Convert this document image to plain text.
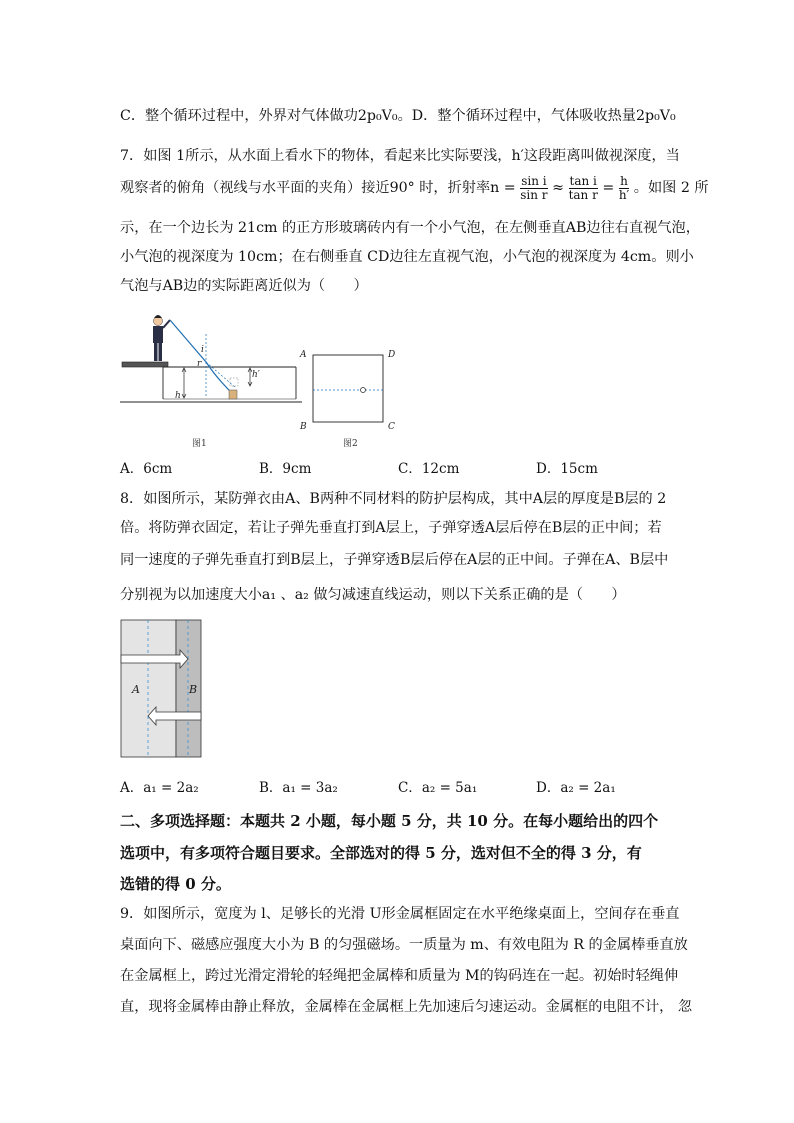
C．整个循环过程中，外界对气体做功2p₀V₀。D．整个循环过程中，气体吸收热量2p₀V₀
7．如图 1所示，从水面上看水下的物体，看起来比实际要浅，h′这段距离叫做视深度，当
观察者的俯角（视线与水平面的夹角）接近90° 时，折射率$n = \frac{\text{sin i}}{\text{sin r}} \approx \frac{\text{tan i}}{\text{tan r}} = \frac{h}{h'}$ 。如图 2 所
示，在一个边长为 21cm 的正方形玻璃砖内有一个小气泡，在左侧垂直AB边往右直视气泡，
小气泡的视深度为 10cm；在右侧垂直 CD边往左直视气泡，小气泡的视深度为 4cm。则小
气泡与AB边的实际距离近似为（　　）
i
r
h
h′
图1
A	D
B	C
图2
A．6cm	B．9cm	C．12cm	D．15cm
8．如图所示，某防弹衣由A、B两种不同材料的防护层构成，其中A层的厚度是B层的 2
倍。将防弹衣固定，若让子弹先垂直打到A层上，子弹穿透A层后停在B层的正中间；若
同一速度的子弹先垂直打到B层上，子弹穿透B层后停在A层的正中间。子弹在A、B层中
分别视为以加速度大小a₁ 、a₂ 做匀减速直线运动，则以下关系正确的是（　　）
A	B
A．a₁ = 2a₂	B．a₁ = 3a₂	C．a₂ = 5a₁	D．a₂ = 2a₁
二、多项选择题：本题共 2 小题，每小题 5 分，共 10 分。在每小题给出的四个
选项中，有多项符合题目要求。全部选对的得 5 分，选对但不全的得 3 分，有
选错的得 0 分。
9．如图所示，宽度为 l、足够长的光滑 U形金属框固定在水平绝缘桌面上，空间存在垂直
桌面向下、磁感应强度大小为 B 的匀强磁场。一质量为 m、有效电阻为 R 的金属棒垂直放
在金属框上，跨过光滑定滑轮的轻绳把金属棒和质量为 M的钩码连在一起。初始时轻绳伸
直，现将金属棒由静止释放，金属棒在金属框上先加速后匀速运动。金属框的电阻不计， 忽
